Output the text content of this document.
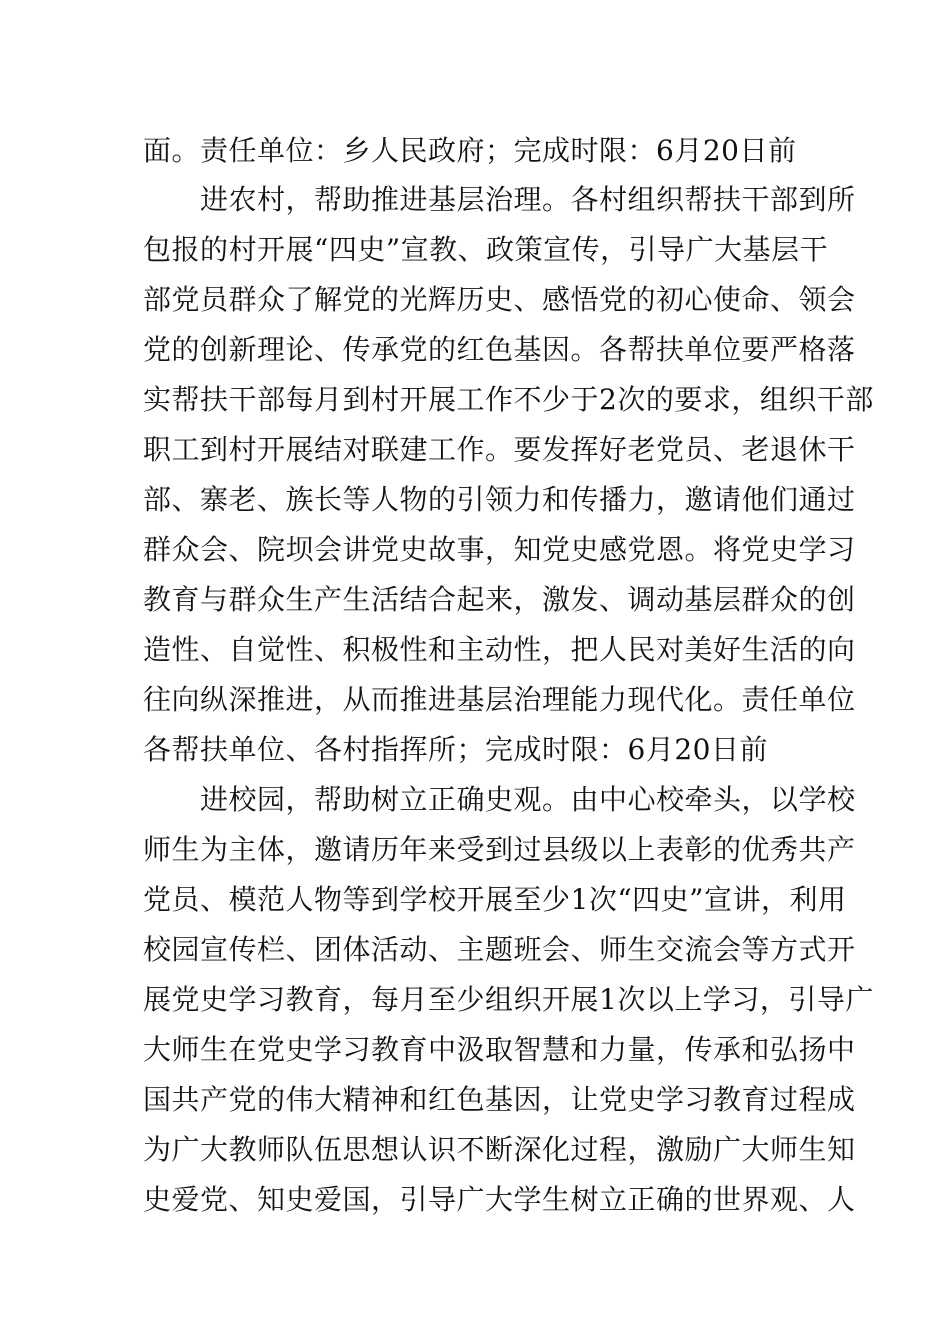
面。责任单位：乡人民政府；完成时限：6月20日前
进农村，帮助推进基层治理。各村组织帮扶干部到所
包报的村开展“四史”宣教、政策宣传，引导广大基层干
部党员群众了解党的光辉历史、感悟党的初心使命、领会
党的创新理论、传承党的红色基因。各帮扶单位要严格落
实帮扶干部每月到村开展工作不少于2次的要求，组织干部
职工到村开展结对联建工作。要发挥好老党员、老退休干
部、寨老、族长等人物的引领力和传播力，邀请他们通过
群众会、院坝会讲党史故事，知党史感党恩。将党史学习
教育与群众生产生活结合起来，激发、调动基层群众的创
造性、自觉性、积极性和主动性，把人民对美好生活的向
往向纵深推进，从而推进基层治理能力现代化。责任单位
各帮扶单位、各村指挥所；完成时限：6月20日前
进校园，帮助树立正确史观。由中心校牵头，以学校
师生为主体，邀请历年来受到过县级以上表彰的优秀共产
党员、模范人物等到学校开展至少1次“四史”宣讲，利用
校园宣传栏、团体活动、主题班会、师生交流会等方式开
展党史学习教育，每月至少组织开展1次以上学习，引导广
大师生在党史学习教育中汲取智慧和力量，传承和弘扬中
国共产党的伟大精神和红色基因，让党史学习教育过程成
为广大教师队伍思想认识不断深化过程，激励广大师生知
史爱党、知史爱国，引导广大学生树立正确的世界观、人
